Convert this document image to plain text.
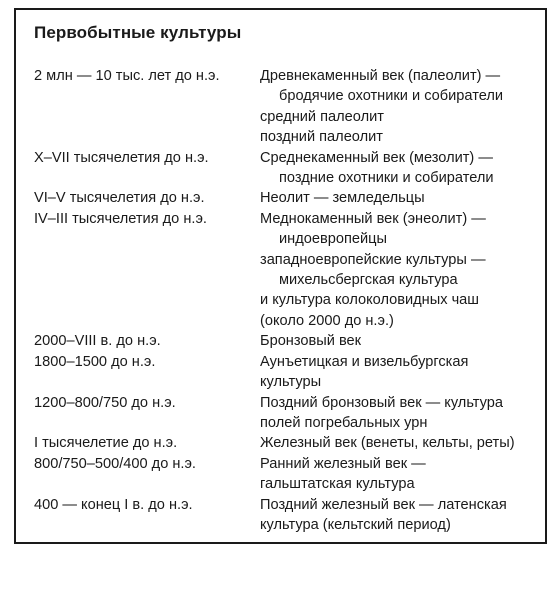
Первобытные культуры
2 млн — 10 тыс. лет до н.э.	Древнекаменный век (палеолит) —
бродячие охотники и собиратели
средний палеолит
поздний палеолит
X–VII тысячелетия до н.э.	Среднекаменный век (мезолит) —
поздние охотники и собиратели
VI–V тысячелетия до н.э.	Неолит — земледельцы
IV–III тысячелетия до н.э.	Меднокаменный век (энеолит) —
индоевропейцы
западноевропейские культуры —
михельсбергская культура
и культура колоколовидных чаш
(около 2000 до н.э.)
2000–VIII в. до н.э.	Бронзовый век
1800–1500 до н.э.	Аунъетицкая и визельбургская
культуры
1200–800/750 до н.э.	Поздний бронзовый век — культура
полей погребальных урн
I тысячелетие до н.э.	Железный век (венеты, кельты, реты)
800/750–500/400 до н.э.	Ранний железный век —
гальштатская культура
400 — конец I в. до н.э.	Поздний железный век — латенская
культура (кельтский период)
